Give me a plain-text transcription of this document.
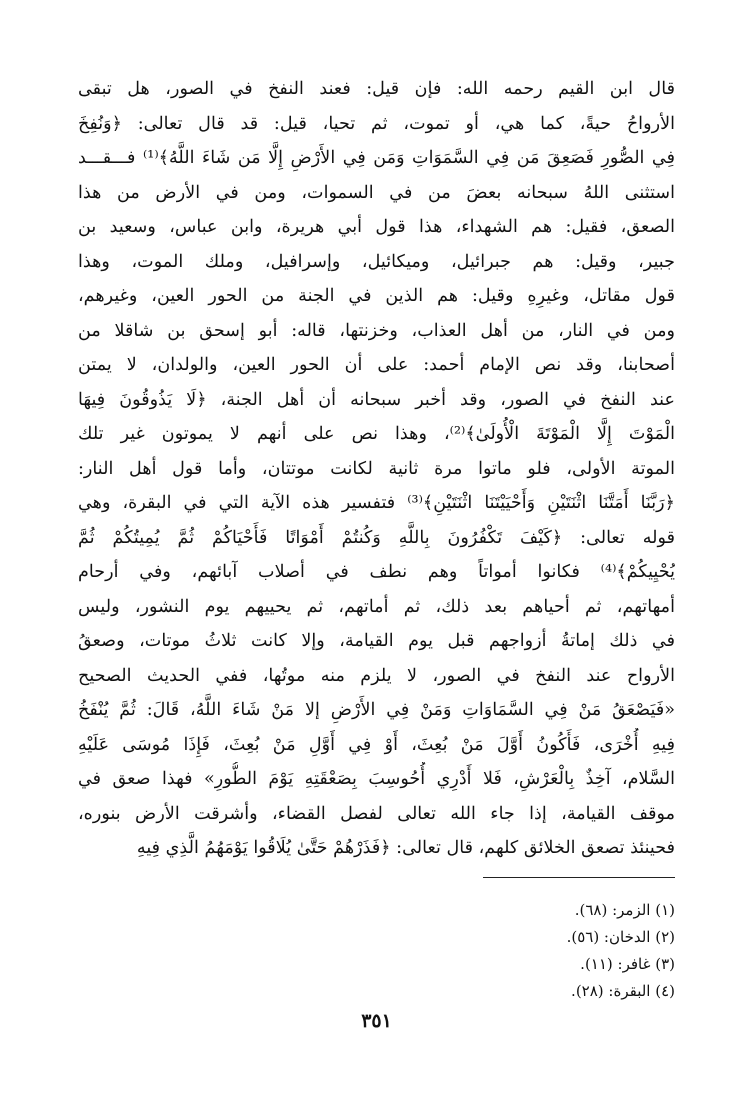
قال ابن القيم رحمه الله: فإن قيل: فعند النفخ في الصور، هل تبقى
الأرواحُ حيةً، كما هي، أو تموت، ثم تحيا، قيل: قد قال تعالى: ﴿وَنُفِخَ
فِي الصُّورِ فَصَعِقَ مَن فِي السَّمَوَاتِ وَمَن فِي الأَرْضِ إِلَّا مَن شَاءَ اللَّهُ﴾⁽¹⁾ فـــقـــد
استثنى اللهُ سبحانه بعضَ من في السموات، ومن في الأرض من هذا
الصعق، فقيل: هم الشهداء، هذا قول أبي هريرة، وابن عباس، وسعيد بن
جبير، وقيل: هم جبرائيل، وميكائيل، وإسرافيل، وملك الموت، وهذا
قول مقاتل، وغيرِهِ وقيل: هم الذين في الجنة من الحور العين، وغيرهم،
ومن في النار، من أهل العذاب، وخزنتها، قاله: أبو إسحق بن شاقلا من
أصحابنا، وقد نص الإمام أحمد: على أن الحور العين، والولدان، لا يمتن
عند النفخ في الصور، وقد أخبر سبحانه أن أهل الجنة، ﴿لَا يَذُوقُونَ فِيهَا
الْمَوْتَ إِلَّا الْمَوْتَةَ الْأُولَىٰ﴾⁽²⁾، وهذا نص على أنهم لا يموتون غير تلك
الموتة الأولى، فلو ماتوا مرة ثانية لكانت موتتان، وأما قول أهل النار:
﴿رَبَّنَا أَمَتَّنَا اثْنَتَيْنِ وَأَحْيَيْتَنَا اثْنَتَيْنِ﴾⁽³⁾ فتفسير هذه الآية التي في البقرة، وهي
قوله تعالى: ﴿كَيْفَ تَكْفُرُونَ بِاللَّهِ وَكُنتُمْ أَمْوَاتًا فَأَحْيَاكُمْ ثُمَّ يُمِيتُكُمْ ثُمَّ
يُحْيِيكُمْ﴾⁽⁴⁾ فكانوا أمواتاً وهم نطف في أصلاب آبائهم، وفي أرحام
أمهاتهم، ثم أحياهم بعد ذلك، ثم أماتهم، ثم يحييهم يوم النشور، وليس
في ذلك إماتةُ أزواجهم قبل يوم القيامة، وإلا كانت ثلاثُ موتات، وصعقُ
الأرواح عند النفخ في الصور، لا يلزم منه موتُها، ففي الحديث الصحيح
«فَيَصْعَقُ مَنْ فِي السَّمَاوَاتِ وَمَنْ فِي الأَرْضِ إلا مَنْ شَاءَ اللَّهُ، قَالَ: ثُمَّ يُنْفَخُ
فِيهِ أُخْرَى، فَأَكُونُ أَوَّلَ مَنْ بُعِثَ، أَوْ فِي أَوَّلِ مَنْ بُعِثَ، فَإِذَا مُوسَى عَلَيْهِ
السَّلام، آخِذٌ بِالْعَرْشِ، فَلا أَدْرِي أُحُوسِبَ بِصَعْقَتِهِ يَوْمَ الطُّورِ» فهذا صعق في
موقف القيامة، إذا جاء الله تعالى لفصل القضاء، وأشرقت الأرض بنوره،
فحينئذ تصعق الخلائق كلهم، قال تعالى: ﴿فَذَرْهُمْ حَتَّىٰ يُلَاقُوا يَوْمَهُمُ الَّذِي فِيهِ
(١) الزمر: (٦٨).
(٢) الدخان: (٥٦).
(٣) غافر: (١١).
(٤) البقرة: (٢٨).
٣٥١
